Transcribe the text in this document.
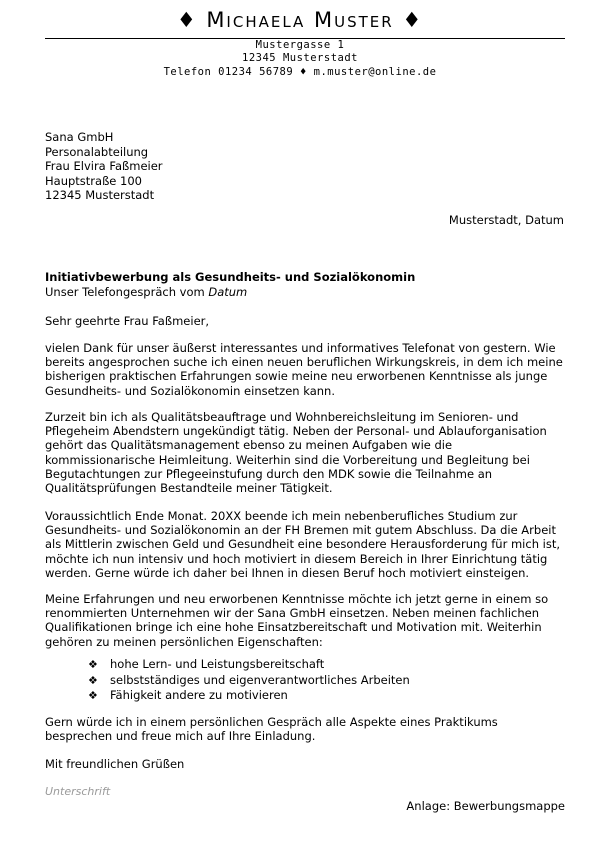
♦ Michaela Muster ♦
Mustergasse 1
12345 Musterstadt
Telefon 01234 56789 ♦ m.muster@online.de
Sana GmbH
Personalabteilung
Frau Elvira Faßmeier
Hauptstraße 100
12345 Musterstadt
Musterstadt, Datum
Initiativbewerbung als Gesundheits- und Sozialökonomin
Unser Telefongespräch vom Datum
Sehr geehrte Frau Faßmeier,
vielen Dank für unser äußerst interessantes und informatives Telefonat von gestern. Wie bereits angesprochen suche ich einen neuen beruflichen Wirkungskreis, in dem ich meine bisherigen praktischen Erfahrungen sowie meine neu erworbenen Kenntnisse als junge Gesundheits- und Sozialökonomin einsetzen kann.
Zurzeit bin ich als Qualitätsbeauftrage und Wohnbereichsleitung im Senioren- und Pflegeheim Abendstern ungekündigt tätig. Neben der Personal- und Ablauforganisation gehört das Qualitätsmanagement ebenso zu meinen Aufgaben wie die kommissionarische Heimleitung. Weiterhin sind die Vorbereitung und Begleitung bei Begutachtungen zur Pflegeeinstufung durch den MDK sowie die Teilnahme an Qualitätsprüfungen Bestandteile meiner Tätigkeit.
Voraussichtlich Ende Monat. 20XX beende ich mein nebenberufliches Studium zur Gesundheits- und Sozialökonomin an der FH Bremen mit gutem Abschluss. Da die Arbeit als Mittlerin zwischen Geld und Gesundheit eine besondere Herausforderung für mich ist, möchte ich nun intensiv und hoch motiviert in diesem Bereich in Ihrer Einrichtung tätig werden. Gerne würde ich daher bei Ihnen in diesen Beruf hoch motiviert einsteigen.
Meine Erfahrungen und neu erworbenen Kenntnisse möchte ich jetzt gerne in einem so renommierten Unternehmen wir der Sana GmbH einsetzen. Neben meinen fachlichen Qualifikationen bringe ich eine hohe Einsatzbereitschaft und Motivation mit. Weiterhin gehören zu meinen persönlichen Eigenschaften:
❖ hohe Lern- und Leistungsbereitschaft
❖ selbstständiges und eigenverantwortliches Arbeiten
❖ Fähigkeit andere zu motivieren
Gern würde ich in einem persönlichen Gespräch alle Aspekte eines Praktikums besprechen und freue mich auf Ihre Einladung.
Mit freundlichen Grüßen
Unterschrift
Anlage: Bewerbungsmappe
